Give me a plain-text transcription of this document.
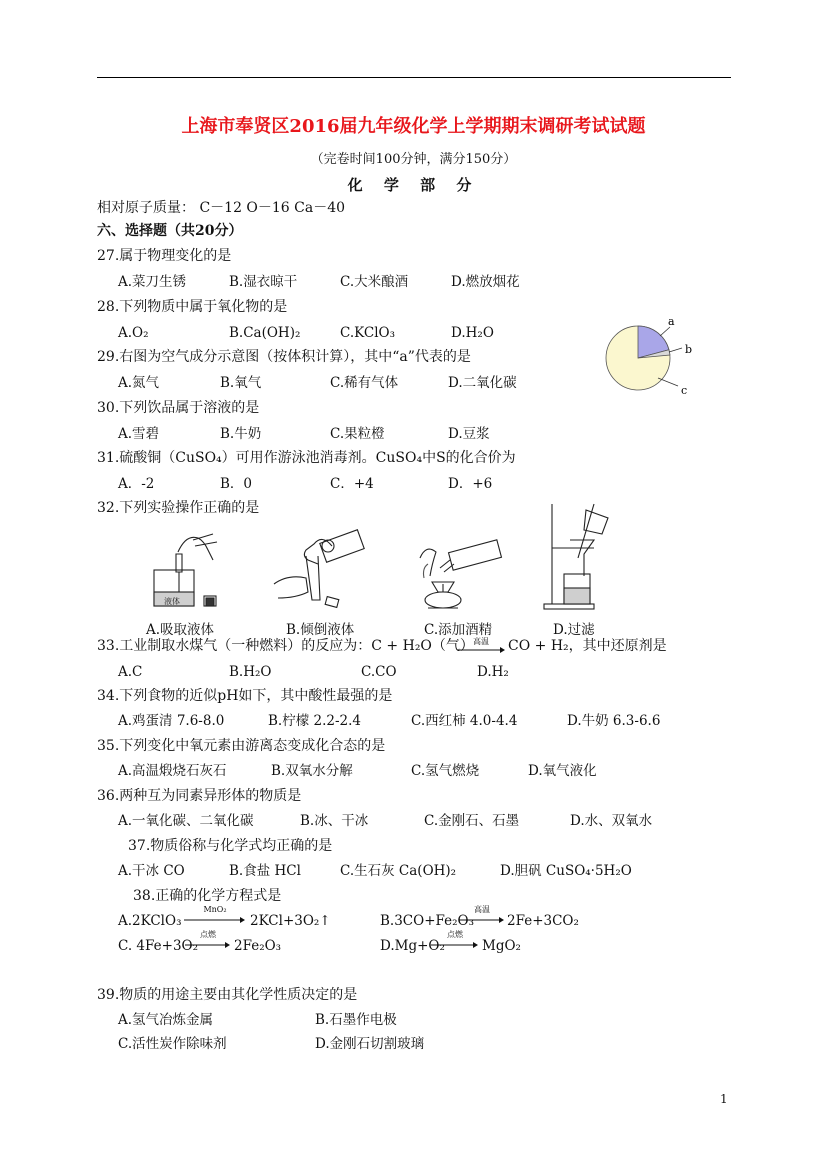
上海市奉贤区2016届九年级化学上学期期末调研考试试题
（完卷时间100分钟，满分150分）
化 学 部 分
相对原子质量： C－12 O－16 Ca－40
六、选择题（共20分）
27.属于物理变化的是
A.菜刀生锈	B.湿衣晾干	C.大米酿酒	D.燃放烟花
28.下列物质中属于氧化物的是
A.O₂	B.Ca(OH)₂	C.KClO₃	D.H₂O
a
b
c
29.右图为空气成分示意图（按体积计算），其中“a”代表的是
A.氮气	B.氧气	C.稀有气体	D.二氧化碳
30.下列饮品属于溶液的是
A.雪碧	B.牛奶	C.果粒橙	D.豆浆
31.硫酸铜（CuSO₄）可用作游泳池消毒剂。CuSO₄中S的化合价为
A．-2	B．0	C．+4	D．+6
32.下列实验操作正确的是
液体
A.吸取液体	B.倾倒液体	C.添加酒精	D.过滤
33.工业制取水煤气（一种燃料）的反应为：C + H₂O（气） 高温	CO + H₂，其中还原剂是
A.C	B.H₂O	C.CO	D.H₂
34.下列食物的近似pH如下，其中酸性最强的是
A.鸡蛋清 7.6-8.0	B.柠檬 2.2-2.4	C.西红柿 4.0-4.4	D.牛奶 6.3-6.6
35.下列变化中氧元素由游离态变成化合态的是
A.高温煅烧石灰石	B.双氧水分解	C.氢气燃烧	D.氧气液化
36.两种互为同素异形体的物质是
A.一氧化碳、二氧化碳	B.冰、干冰	C.金刚石、石墨	D.水、双氧水
37.物质俗称与化学式均正确的是
A.干冰 CO	B.食盐 HCl	C.生石灰 Ca(OH)₂	D.胆矾 CuSO₄·5H₂O
38.正确的化学方程式是
A.2KClO₃
MnO₂
2KCl+3O₂↑	B.3CO+Fe₂O₃
高温
2Fe+3CO₂
C. 4Fe+3O₂
点燃
2Fe₂O₃	D.Mg+O₂
点燃
MgO₂
39.物质的用途主要由其化学性质决定的是
A.氢气冶炼金属	B.石墨作电极
C.活性炭作除味剂	D.金刚石切割玻璃
1
